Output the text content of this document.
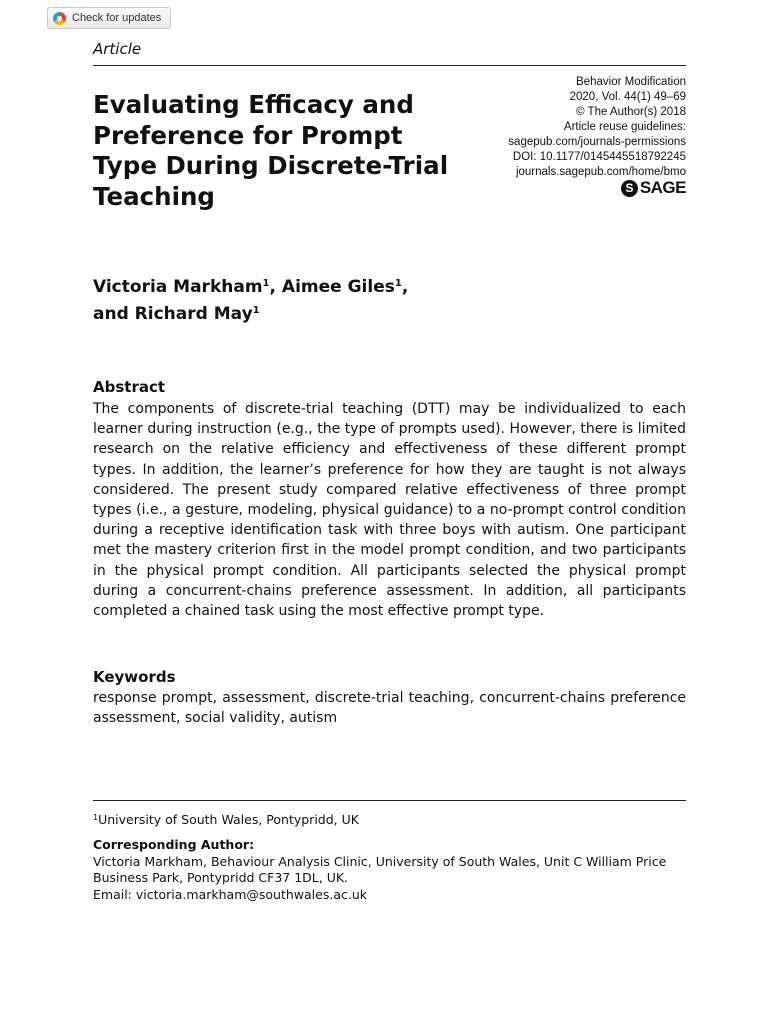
Check for updates
Article
Evaluating Efficacy and Preference for Prompt Type During Discrete-Trial Teaching
Behavior Modification
2020, Vol. 44(1) 49–69
© The Author(s) 2018
Article reuse guidelines:
sagepub.com/journals-permissions
DOI: 10.1177/0145445518792245
journals.sagepub.com/home/bmo
S SAGE
Victoria Markham$^1$, Aimee Giles$^1$,
and Richard May$^1$
Abstract

The components of discrete-trial teaching (DTT) may be individualized to each learner during instruction (e.g., the type of prompts used). However, there is limited research on the relative efficiency and effectiveness of these different prompt types. In addition, the learner’s preference for how they are taught is not always considered. The present study compared relative effectiveness of three prompt types (i.e., a gesture, modeling, physical guidance) to a no-prompt control condition during a receptive identification task with three boys with autism. One participant met the mastery criterion first in the model prompt condition, and two participants in the physical prompt condition. All participants selected the physical prompt during a concurrent-chains preference assessment. In addition, all participants completed a chained task using the most effective prompt type.

Keywords

response prompt, assessment, discrete-trial teaching, concurrent-chains preference assessment, social validity, autism

$^1$University of South Wales, Pontypridd, UK
Corresponding Author:
Victoria Markham, Behaviour Analysis Clinic, University of South Wales, Unit C William Price
Business Park, Pontypridd CF37 1DL, UK.
Email: victoria.markham@southwales.ac.uk
